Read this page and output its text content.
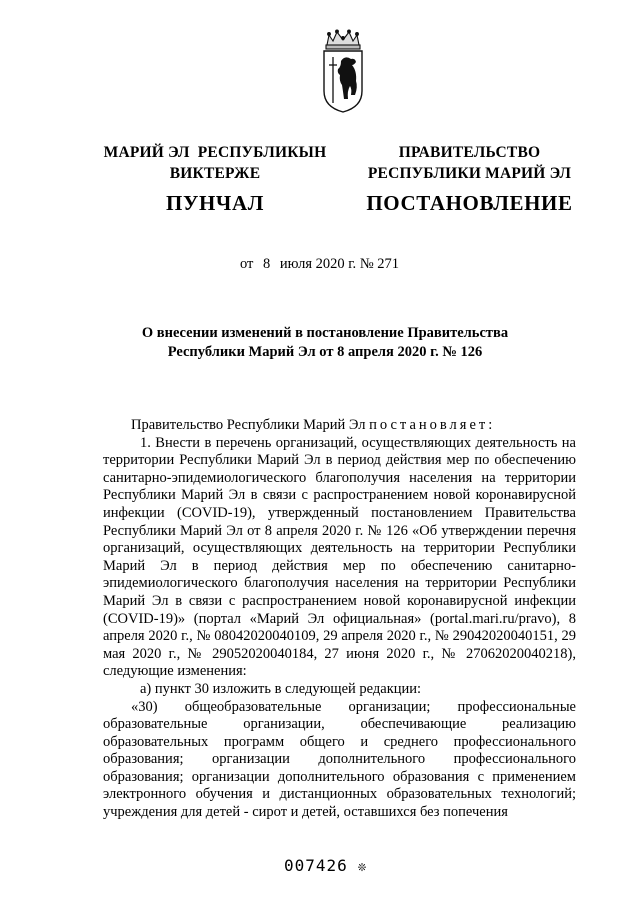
МАРИЙ ЭЛ  РЕСПУБЛИКЫН
ВИКТЕРЖЕ
ПУНЧАЛ
ПРАВИТЕЛЬСТВО
РЕСПУБЛИКИ МАРИЙ ЭЛ
ПОСТАНОВЛЕНИЕ
от 8 июля 2020 г. № 271
О внесении изменений в постановление Правительства
Республики Марий Эл от 8 апреля 2020 г. № 126

Правительство Республики Марий Эл постановляет:

1. Внести в перечень организаций, осуществляющих деятельность на территории Республики Марий Эл в период действия мер по обеспечению санитарно-эпидемиологического благополучия населения на территории Республики Марий Эл в связи с распространением новой коронавирусной инфекции (COVID-19), утвержденный постановлением Правительства Республики Марий Эл от 8 апреля 2020 г. № 126 «Об утверждении перечня организаций, осуществляющих деятельность на территории Республики Марий Эл в период действия мер по обеспечению санитарно-эпидемиологического благополучия населения на территории Республики Марий Эл в связи с распространением новой коронавирусной инфекции (COVID-19)» (портал «Марий Эл официальная» (portal.mari.ru/pravo), 8 апреля 2020 г., № 08042020040109, 29 апреля 2020 г., № 29042020040151, 29 мая 2020 г., № 29052020040184, 27 июня 2020 г., № 27062020040218), следующие изменения:

а) пункт 30 изложить в следующей редакции:

«30) общеобразовательные организации; профессиональные образовательные организации, обеспечивающие реализацию образовательных программ общего и среднего профессионального образования; организации дополнительного профессионального образования; организации дополнительного образования с применением электронного обучения и дистанционных образовательных технологий; учреждения для детей - сирот и детей, оставшихся без попечения

007426 ❊
